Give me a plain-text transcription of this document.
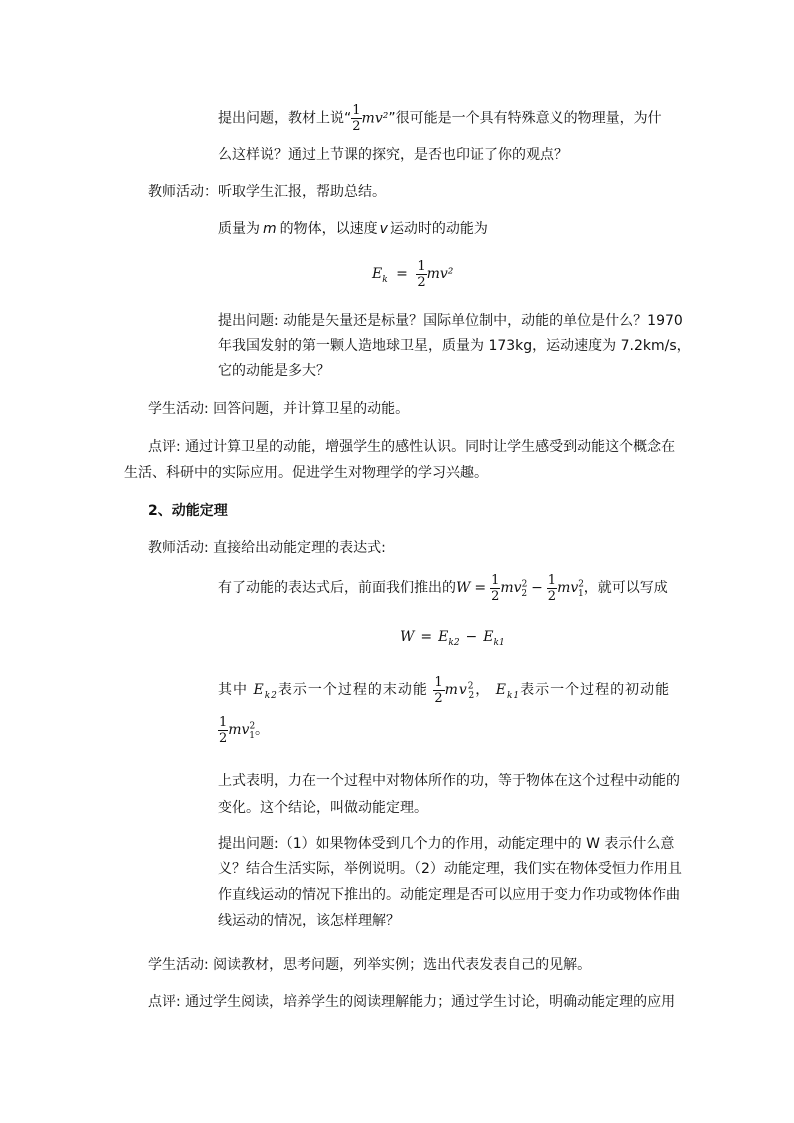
提出问题，教材上说“ $\frac{1}{2} mv^2$”很可能是一个具有特殊意义的物理量，为什
么这样说？通过上节课的探究，是否也印证了你的观点？
教师活动：听取学生汇报，帮助总结。
质量为 m 的物体，以速度 v 运动时的动能为
$E_k = \frac{1}{2} mv^2$
提出问题: 动能是矢量还是标量？国际单位制中，动能的单位是什么？1970
年我国发射的第一颗人造地球卫星，质量为 173kg，运动速度为 7.2km/s，
它的动能是多大？
学生活动: 回答问题，并计算卫星的动能。
点评: 通过计算卫星的动能，增强学生的感性认识。同时让学生感受到动能这个概念在
生活、科研中的实际应用。促进学生对物理学的学习兴趣。
2、动能定理
教师活动: 直接给出动能定理的表达式:
有了动能的表达式后，前面我们推出的$W = \frac{1}{2} mv^2_2 - \frac{1}{2} mv^2_1$，就可以写成
$W = E_{k2} - E_{k1}$
其中 $E_{k2}$表示一个过程的末动能 $\frac{1}{2} mv^2_2$， $E_{k1}$表示一个过程的初动能
$\frac{1}{2} mv^2_1$。
上式表明，力在一个过程中对物体所作的功，等于物体在这个过程中动能的
变化。这个结论，叫做动能定理。
提出问题:（1）如果物体受到几个力的作用，动能定理中的 W 表示什么意
义？结合生活实际，举例说明。（2）动能定理，我们实在物体受恒力作用且
作直线运动的情况下推出的。动能定理是否可以应用于变力作功或物体作曲
线运动的情况，该怎样理解？
学生活动: 阅读教材，思考问题，列举实例；选出代表发表自己的见解。
点评: 通过学生阅读，培养学生的阅读理解能力；通过学生讨论，明确动能定理的应用
